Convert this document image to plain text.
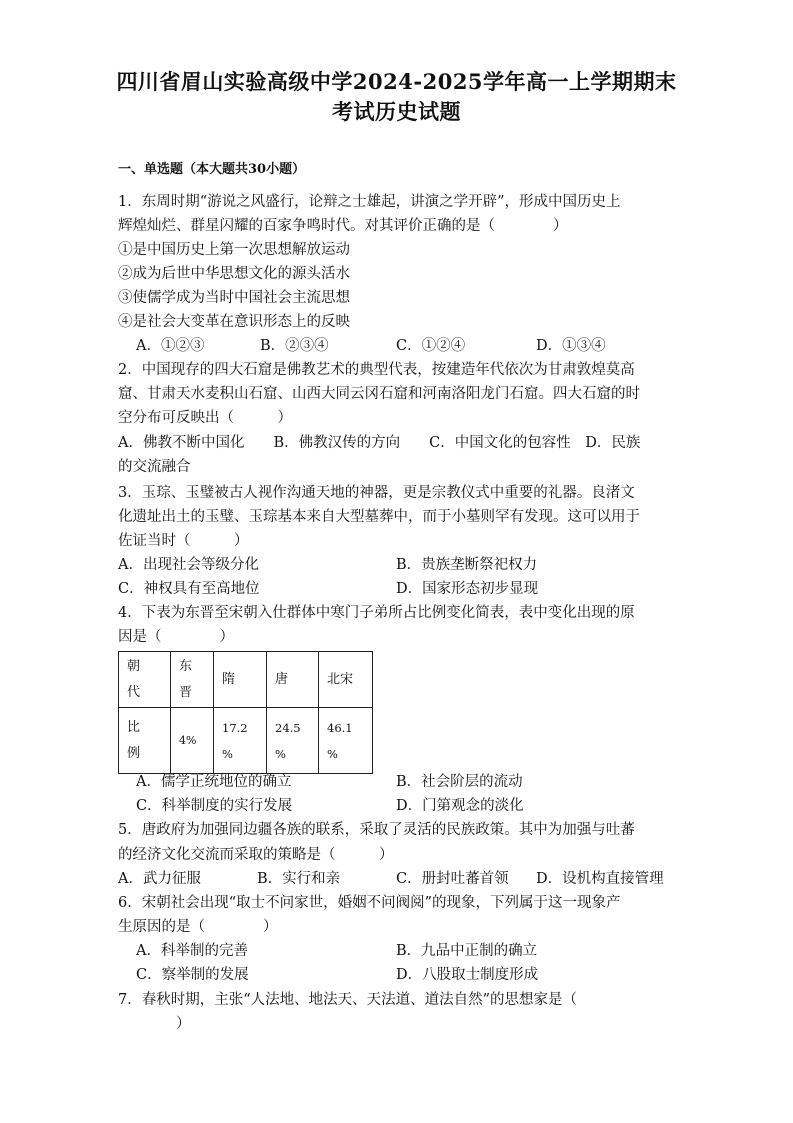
四川省眉山实验高级中学2024-2025学年高一上学期期末
考试历史试题
一、单选题（本大题共30小题）
1．东周时期“游说之风盛行，论辩之士雄起，讲演之学开辟”，形成中国历史上
辉煌灿烂、群星闪耀的百家争鸣时代。对其评价正确的是（　　　　）
①是中国历史上第一次思想解放运动
②成为后世中华思想文化的源头活水
③使儒学成为当时中国社会主流思想
④是社会大变革在意识形态上的反映
A．①②③	B．②③④	C．①②④	D．①③④
2．中国现存的四大石窟是佛教艺术的典型代表，按建造年代依次为甘肃敦煌莫高
窟、甘肃天水麦积山石窟、山西大同云冈石窟和河南洛阳龙门石窟。四大石窟的时
空分布可反映出（　　　）
A．佛教不断中国化　　B．佛教汉传的方向　　C．中国文化的包容性　D．民族
的交流融合
3．玉琮、玉璧被古人视作沟通天地的神器，更是宗教仪式中重要的礼器。良渚文
化遗址出土的玉璧、玉琮基本来自大型墓葬中，而于小墓则罕有发现。这可以用于
佐证当时（　　　）
A．出现社会等级分化	B．贵族垄断祭祀权力
C．神权具有至高地位	D．国家形态初步显现
4．下表为东晋至宋朝入仕群体中寒门子弟所占比例变化简表，表中变化出现的原
因是（　　　　）
朝
代	东
晋	隋	唐	北宋
比
例	4%	17.2
%	24.5
%	46.1
%
A．儒学正统地位的确立	B．社会阶层的流动
C．科举制度的实行发展	D．门第观念的淡化
5．唐政府为加强同边疆各族的联系，采取了灵活的民族政策。其中为加强与吐蕃
的经济文化交流而采取的策略是（　　　）
A．武力征服	B．实行和亲	C．册封吐蕃首领 D．设机构直接管理
6．宋朝社会出现“取士不问家世，婚姻不问阀阅”的现象，下列属于这一现象产
生原因的是（　　　　）
A．科举制的完善	B．九品中正制的确立
C．察举制的发展	D．八股取士制度形成
7．春秋时期，主张“人法地、地法天、天法道、道法自然”的思想家是（
）
